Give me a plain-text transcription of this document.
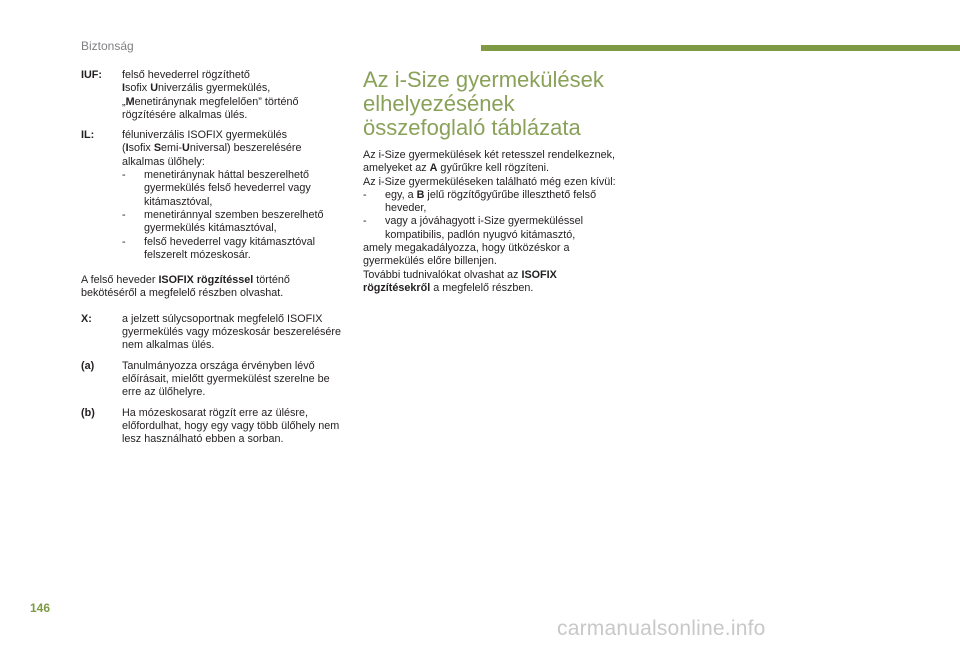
Biztonság
IUF:	felső hevederrel rögzíthető
Isofix Univerzális gyermekülés,
„Menetiránynak megfelelően” történő
rögzítésére alkalmas ülés.
IL:	féluniverzális ISOFIX gyermekülés
(Isofix Semi-Universal) beszerelésére
alkalmas ülőhely:
-	menetiránynak háttal beszerelhető gyermekülés felső hevederrel vagy kitámasztóval,
-	menetiránnyal szemben beszerelhető gyermekülés kitámasztóval,
-	felső hevederrel vagy kitámasztóval felszerelt mózeskosár.
A felső heveder ISOFIX rögzítéssel történő bekötéséről a megfelelő részben olvashat.
X:	a jelzett súlycsoportnak megfelelő ISOFIX gyermekülés vagy mózeskosár beszerelésére nem alkalmas ülés.
(a)	Tanulmányozza országa érvényben lévő előírásait, mielőtt gyermekülést szerelne be erre az ülőhelyre.
(b)	Ha mózeskosarat rögzít erre az ülésre, előfordulhat, hogy egy vagy több ülőhely nem lesz használható ebben a sorban.
Az i-Size gyermekülések
elhelyezésének
összefoglaló táblázata
Az i-Size gyermekülések két retesszel rendelkeznek, amelyeket az A gyűrűkre kell rögzíteni.
Az i-Size gyermeküléseken található még ezen kívül:
-	egy, a B jelű rögzítőgyűrűbe illeszthető felső heveder,
-	vagy a jóváhagyott i-Size gyermeküléssel kompatibilis, padlón nyugvó kitámasztó,
amely megakadályozza, hogy ütközéskor a gyermekülés előre billenjen.
További tudnivalókat olvashat az ISOFIX rögzítésekről a megfelelő részben.
146
carmanualsonline.info
